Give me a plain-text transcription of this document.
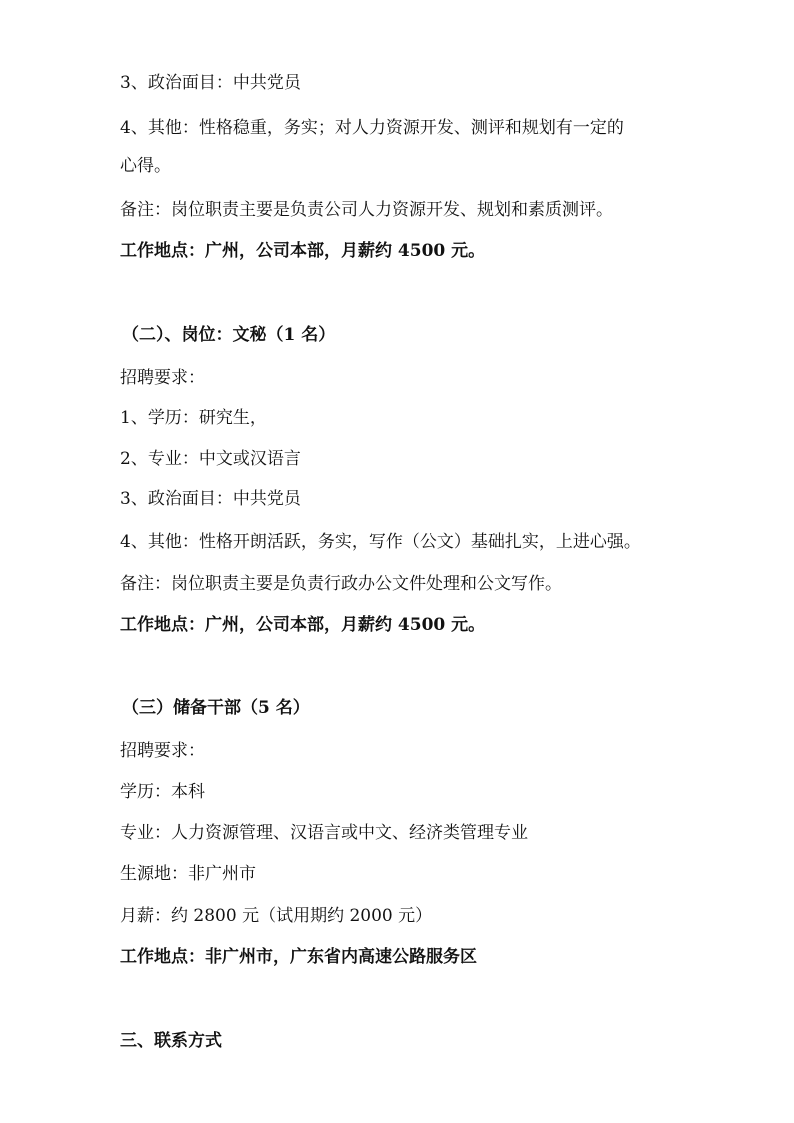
3、政治面目：中共党员
4、其他：性格稳重，务实；对人力资源开发、测评和规划有一定的
心得。
备注：岗位职责主要是负责公司人力资源开发、规划和素质测评。
工作地点：广州，公司本部，月薪约 4500 元。
（二）、岗位：文秘（1 名）
招聘要求：
1、学历：研究生，
2、专业：中文或汉语言
3、政治面目：中共党员
4、其他：性格开朗活跃，务实，写作（公文）基础扎实，上进心强。
备注：岗位职责主要是负责行政办公文件处理和公文写作。
工作地点：广州，公司本部，月薪约 4500 元。
（三）储备干部（5 名）
招聘要求：
学历：本科
专业：人力资源管理、汉语言或中文、经济类管理专业
生源地：非广州市
月薪：约 2800 元（试用期约 2000 元）
工作地点：非广州市，广东省内高速公路服务区
三、联系方式
